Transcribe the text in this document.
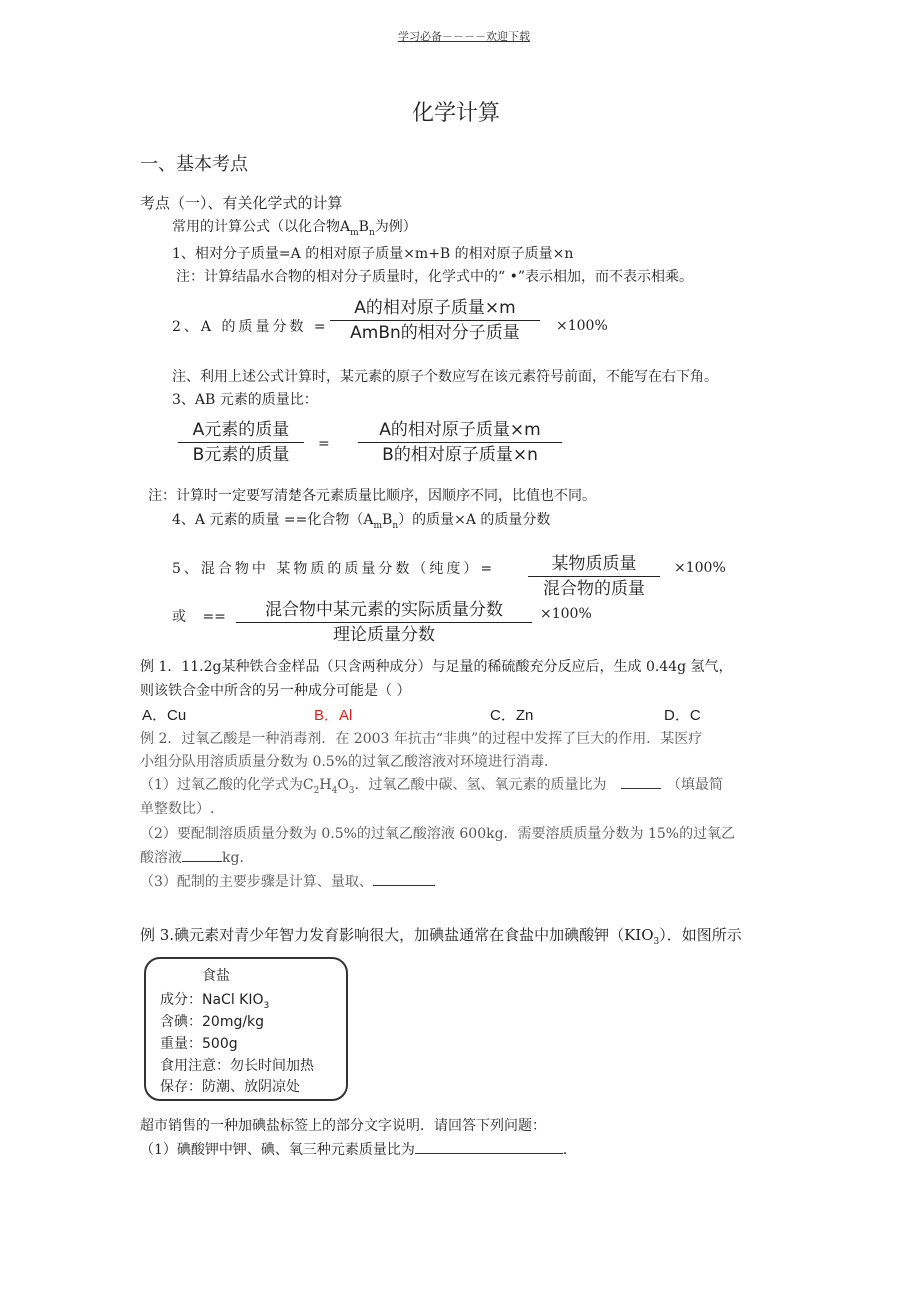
学习必备－－－－欢迎下载
化学计算
一、基本考点
考点（一）、有关化学式的计算
常用的计算公式（以化合物$A_mB_n$为例）
1、相对分子质量=A 的相对原子质量×m+B 的相对原子质量×n
注：计算结晶水合物的相对分子质量时，化学式中的“ •”表示相加，而不表示相乘。
2、A 的质量分数 =
A的相对原子质量×m
AmBn的相对分子质量	×100%
注、利用上述公式计算时，某元素的原子个数应写在该元素符号前面，不能写在右下角。
3、AB 元素的质量比：
A元素的质量
B元素的质量
=
A的相对原子质量×m
B的相对原子质量×n
注：计算时一定要写清楚各元素质量比顺序，因顺序不同，比值也不同。
4、A 元素的质量 ==化合物$(A_mB_n)$的质量×A 的质量分数
5、混合物中 某物质的质量分数（纯度）=	某物质质量
混合物的质量
×100%
或 ==	混合物中某元素的实际质量分数
理论质量分数
×100%
例 1．11.2g某种铁合金样品（只含两种成分）与足量的稀硫酸充分反应后，生成 0.44g 氢气，
则该铁合金中所含的另一种成分可能是（ ）
A．Cu	B．Al	C．Zn	D．C
例 2．过氧乙酸是一种消毒剂．在 2003 年抗击“非典”的过程中发挥了巨大的作用．某医疗
小组分队用溶质质量分数为 0.5%的过氧乙酸溶液对环境进行消毒．
（1）过氧乙酸的化学式为$C_2H_4O_3$．过氧乙酸中碳、氢、氧元素的质量比为	（填最简
单整数比）.
（2）要配制溶质质量分数为 0.5%的过氧乙酸溶液 600kg．需要溶质质量分数为 15%的过氧乙
酸溶液	kg．
（3）配制的主要步骤是计算、量取、
例 3.碘元素对青少年智力发育影响很大，加碘盐通常在食盐中加碘酸钾$(KIO_3)$．如图所示
食盐
成分：NaCl $KIO_3$
含碘：20mg/kg
重量：500g
食用注意：勿长时间加热
保存：防潮、放阴凉处
超市销售的一种加碘盐标签上的部分文字说明．请回答下列问题：
（1）碘酸钾中钾、碘、氧三种元素质量比为	．
